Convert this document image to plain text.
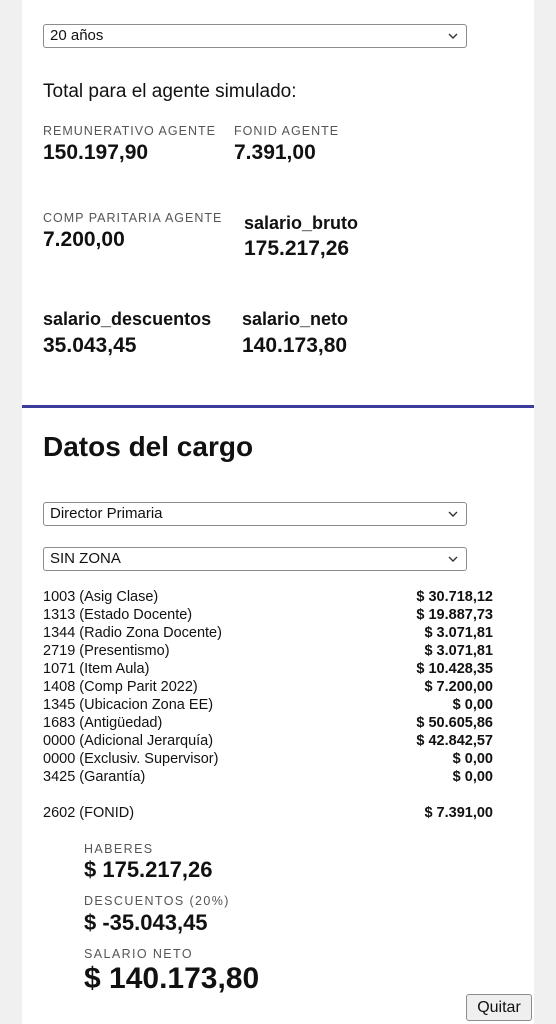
20 años
Total para el agente simulado:
REMUNERATIVO AGENTE
150.197,90
FONID AGENTE
7.391,00
COMP PARITARIA AGENTE
7.200,00
salario_bruto
175.217,26
salario_descuentos
35.043,45
salario_neto
140.173,80
Datos del cargo
Director Primaria
SIN ZONA
1003 (Asig Clase)	$ 30.718,12
1313 (Estado Docente)	$ 19.887,73
1344 (Radio Zona Docente)	$ 3.071,81
2719 (Presentismo)	$ 3.071,81
1071 (Item Aula)	$ 10.428,35
1408 (Comp Parit 2022)	$ 7.200,00
1345 (Ubicacion Zona EE)	$ 0,00
1683 (Antigüedad)	$ 50.605,86
0000 (Adicional Jerarquía)	$ 42.842,57
0000 (Exclusiv. Supervisor)	$ 0,00
3425 (Garantía)	$ 0,00
2602 (FONID)	$ 7.391,00
HABERES
$ 175.217,26
DESCUENTOS (20%)
$ -35.043,45
SALARIO NETO
$ 140.173,80
Quitar
